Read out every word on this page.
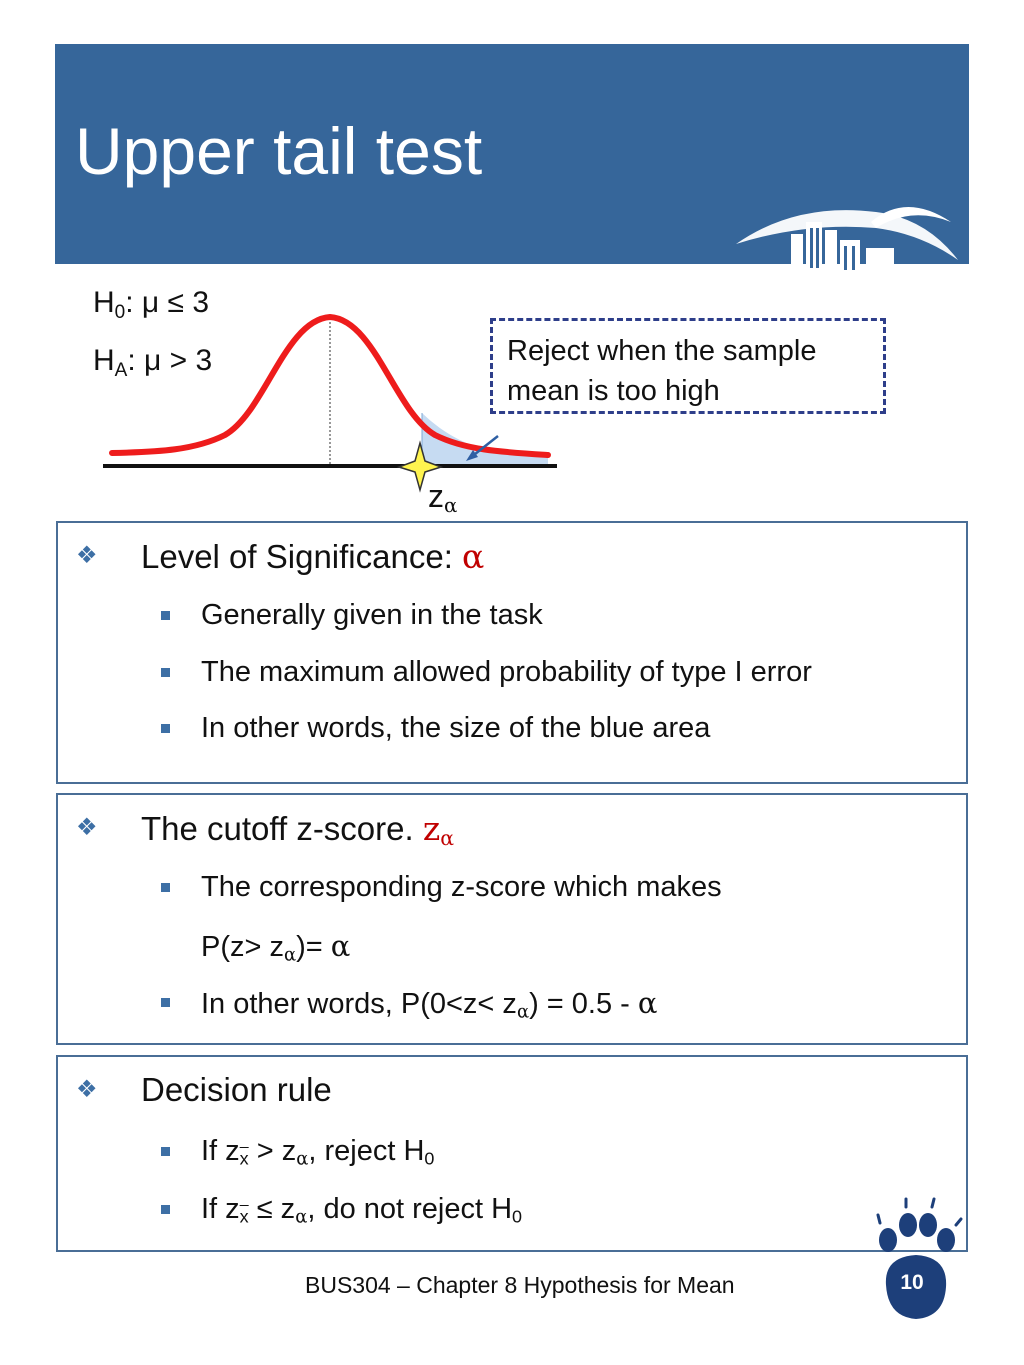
Upper tail test
$H_0$: μ ≤ 3
$H_A$: μ > 3
$z_\alpha$
Reject when the sample
mean is too high
❖ Level of Significance: α
Generally given in the task
The maximum allowed probability of type I error
In other words, the size of the blue area
❖ The cutoff z-score. $z_\alpha$
The corresponding z-score which makes
$P(z> z_\alpha)= \alpha$
In other words, $P(0<z< z_\alpha) = 0.5 - \alpha$
❖ Decision rule
If $z_{\overline{x}} > z_\alpha$, reject $H_0$
If $z_{\overline{x}} \le z_\alpha$, do not reject $H_0$
BUS304 – Chapter 8 Hypothesis for Mean	10
